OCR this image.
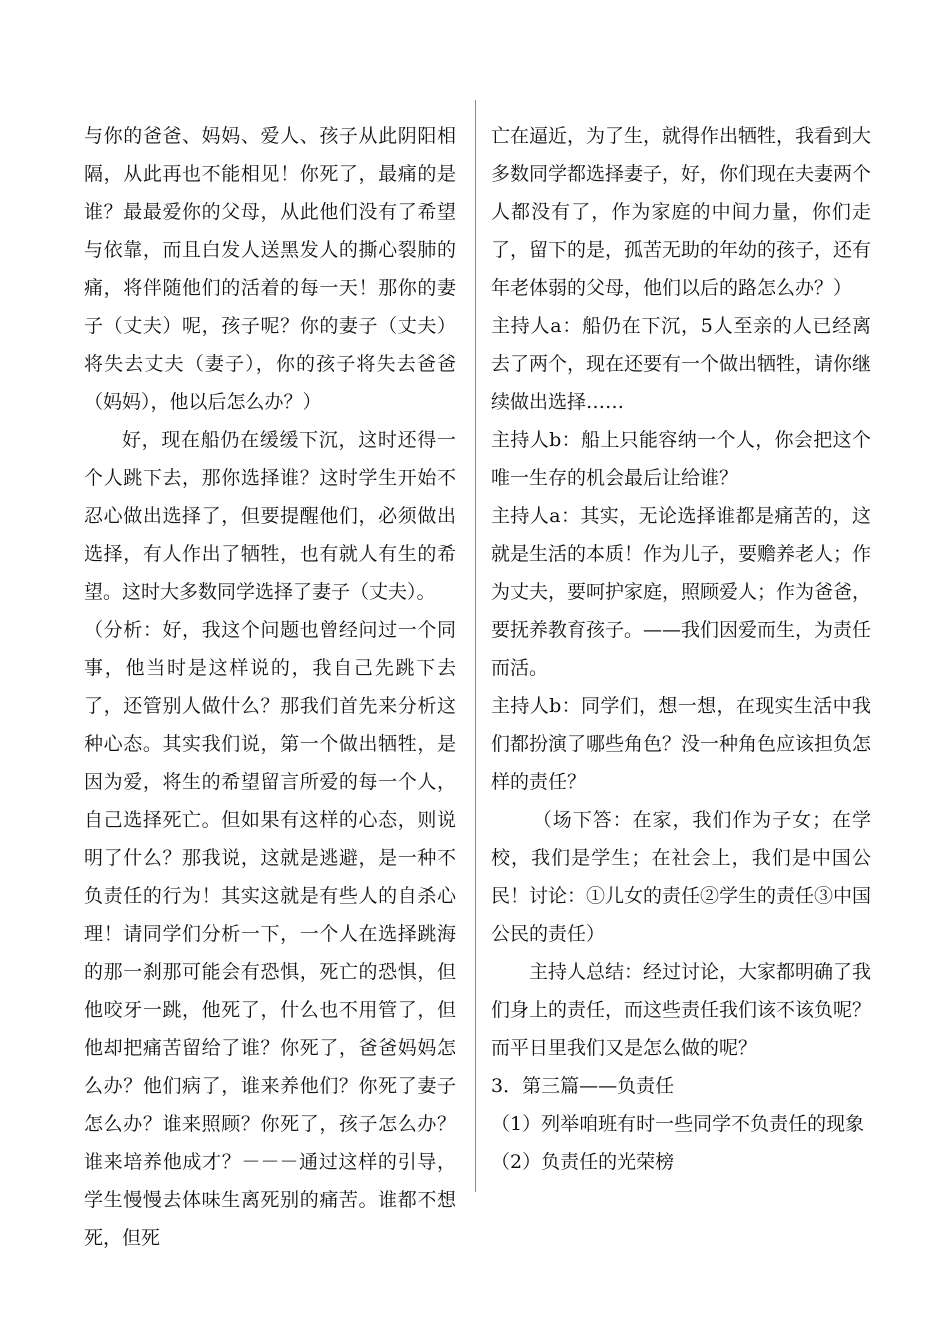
与你的爸爸、妈妈、爱人、孩子从此阴阳相隔，从此再也不能相见！你死了，最痛的是谁？最最爱你的父母，从此他们没有了希望与依靠，而且白发人送黑发人的撕心裂肺的痛，将伴随他们的活着的每一天！那你的妻子（丈夫）呢，孩子呢？你的妻子（丈夫）将失去丈夫（妻子），你的孩子将失去爸爸（妈妈），他以后怎么办？）

好，现在船仍在缓缓下沉，这时还得一个人跳下去，那你选择谁？这时学生开始不忍心做出选择了，但要提醒他们，必须做出选择，有人作出了牺牲，也有就人有生的希望。这时大多数同学选择了妻子（丈夫）。

（分析：好，我这个问题也曾经问过一个同事，他当时是这样说的，我自己先跳下去了，还管别人做什么？那我们首先来分析这种心态。其实我们说，第一个做出牺牲，是因为爱，将生的希望留言所爱的每一个人，自己选择死亡。但如果有这样的心态，则说明了什么？那我说，这就是逃避，是一种不负责任的行为！其实这就是有些人的自杀心理！请同学们分析一下，一个人在选择跳海的那一刹那可能会有恐惧，死亡的恐惧，但他咬牙一跳，他死了，什么也不用管了，但他却把痛苦留给了谁？你死了，爸爸妈妈怎么办？他们病了，谁来养他们？你死了妻子怎么办？谁来照顾？你死了，孩子怎么办？谁来培养他成才？－－－通过这样的引导，学生慢慢去体味生离死别的痛苦。谁都不想死，但死

亡在逼近，为了生，就得作出牺牲，我看到大多数同学都选择妻子，好，你们现在夫妻两个人都没有了，作为家庭的中间力量，你们走了，留下的是，孤苦无助的年幼的孩子，还有年老体弱的父母，他们以后的路怎么办？）

主持人a：船仍在下沉，5人至亲的人已经离去了两个，现在还要有一个做出牺牲，请你继续做出选择……

主持人b：船上只能容纳一个人，你会把这个唯一生存的机会最后让给谁？

主持人a：其实，无论选择谁都是痛苦的，这就是生活的本质！作为儿子，要赡养老人；作为丈夫，要呵护家庭，照顾爱人；作为爸爸，要抚养教育孩子。——我们因爱而生，为责任而活。

主持人b：同学们，想一想，在现实生活中我们都扮演了哪些角色？没一种角色应该担负怎样的责任？

（场下答：在家，我们作为子女；在学校，我们是学生；在社会上，我们是中国公民！讨论：①儿女的责任②学生的责任③中国公民的责任）

主持人总结：经过讨论，大家都明确了我们身上的责任，而这些责任我们该不该负呢？而平日里我们又是怎么做的呢？

3．第三篇——负责任

（1）列举咱班有时一些同学不负责任的现象

（2）负责任的光荣榜
